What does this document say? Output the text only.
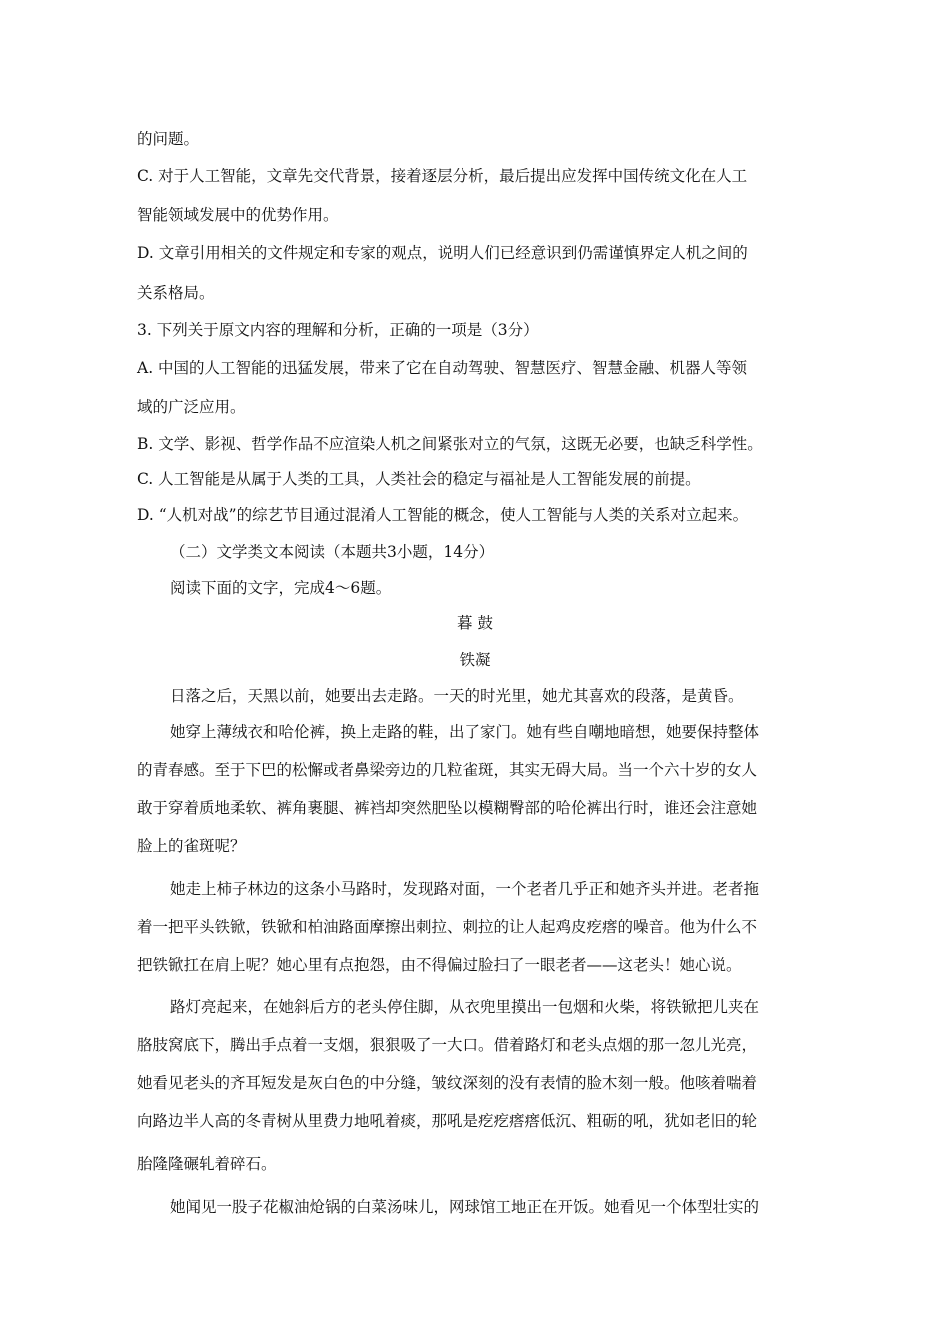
的问题。
C. 对于人工智能，文章先交代背景，接着逐层分析，最后提出应发挥中国传统文化在人工
智能领域发展中的优势作用。
D. 文章引用相关的文件规定和专家的观点，说明人们已经意识到仍需谨慎界定人机之间的
关系格局。
3. 下列关于原文内容的理解和分析，正确的一项是（3分）
A. 中国的人工智能的迅猛发展，带来了它在自动驾驶、智慧医疗、智慧金融、机器人等领
域的广泛应用。
B. 文学、影视、哲学作品不应渲染人机之间紧张对立的气氛，这既无必要，也缺乏科学性。
C. 人工智能是从属于人类的工具，人类社会的稳定与福祉是人工智能发展的前提。
D. “人机对战”的综艺节目通过混淆人工智能的概念，使人工智能与人类的关系对立起来。
（二）文学类文本阅读（本题共3小题，14分）
阅读下面的文字，完成4～6题。
暮 鼓
铁凝
日落之后，天黑以前，她要出去走路。一天的时光里，她尤其喜欢的段落，是黄昏。
她穿上薄绒衣和哈伦裤，换上走路的鞋，出了家门。她有些自嘲地暗想，她要保持整体
的青春感。至于下巴的松懈或者鼻梁旁边的几粒雀斑，其实无碍大局。当一个六十岁的女人
敢于穿着质地柔软、裤角裹腿、裤裆却突然肥坠以模糊臀部的哈伦裤出行时，谁还会注意她
脸上的雀斑呢？
她走上柿子林边的这条小马路时，发现路对面，一个老者几乎正和她齐头并进。老者拖
着一把平头铁锨，铁锨和柏油路面摩擦出刺拉、刺拉的让人起鸡皮疙瘩的噪音。他为什么不
把铁锨扛在肩上呢？她心里有点抱怨，由不得偏过脸扫了一眼老者——这老头！她心说。
路灯亮起来，在她斜后方的老头停住脚，从衣兜里摸出一包烟和火柴，将铁锨把儿夹在
胳肢窝底下，腾出手点着一支烟，狠狠吸了一大口。借着路灯和老头点烟的那一忽儿光亮，
她看见老头的齐耳短发是灰白色的中分缝，皱纹深刻的没有表情的脸木刻一般。他咳着喘着
向路边半人高的冬青树从里费力地吼着痰，那吼是疙疙瘩瘩低沉、粗砺的吼，犹如老旧的轮
胎隆隆碾轧着碎石。
她闻见一股子花椒油炝锅的白菜汤味儿，网球馆工地正在开饭。她看见一个体型壮实的
